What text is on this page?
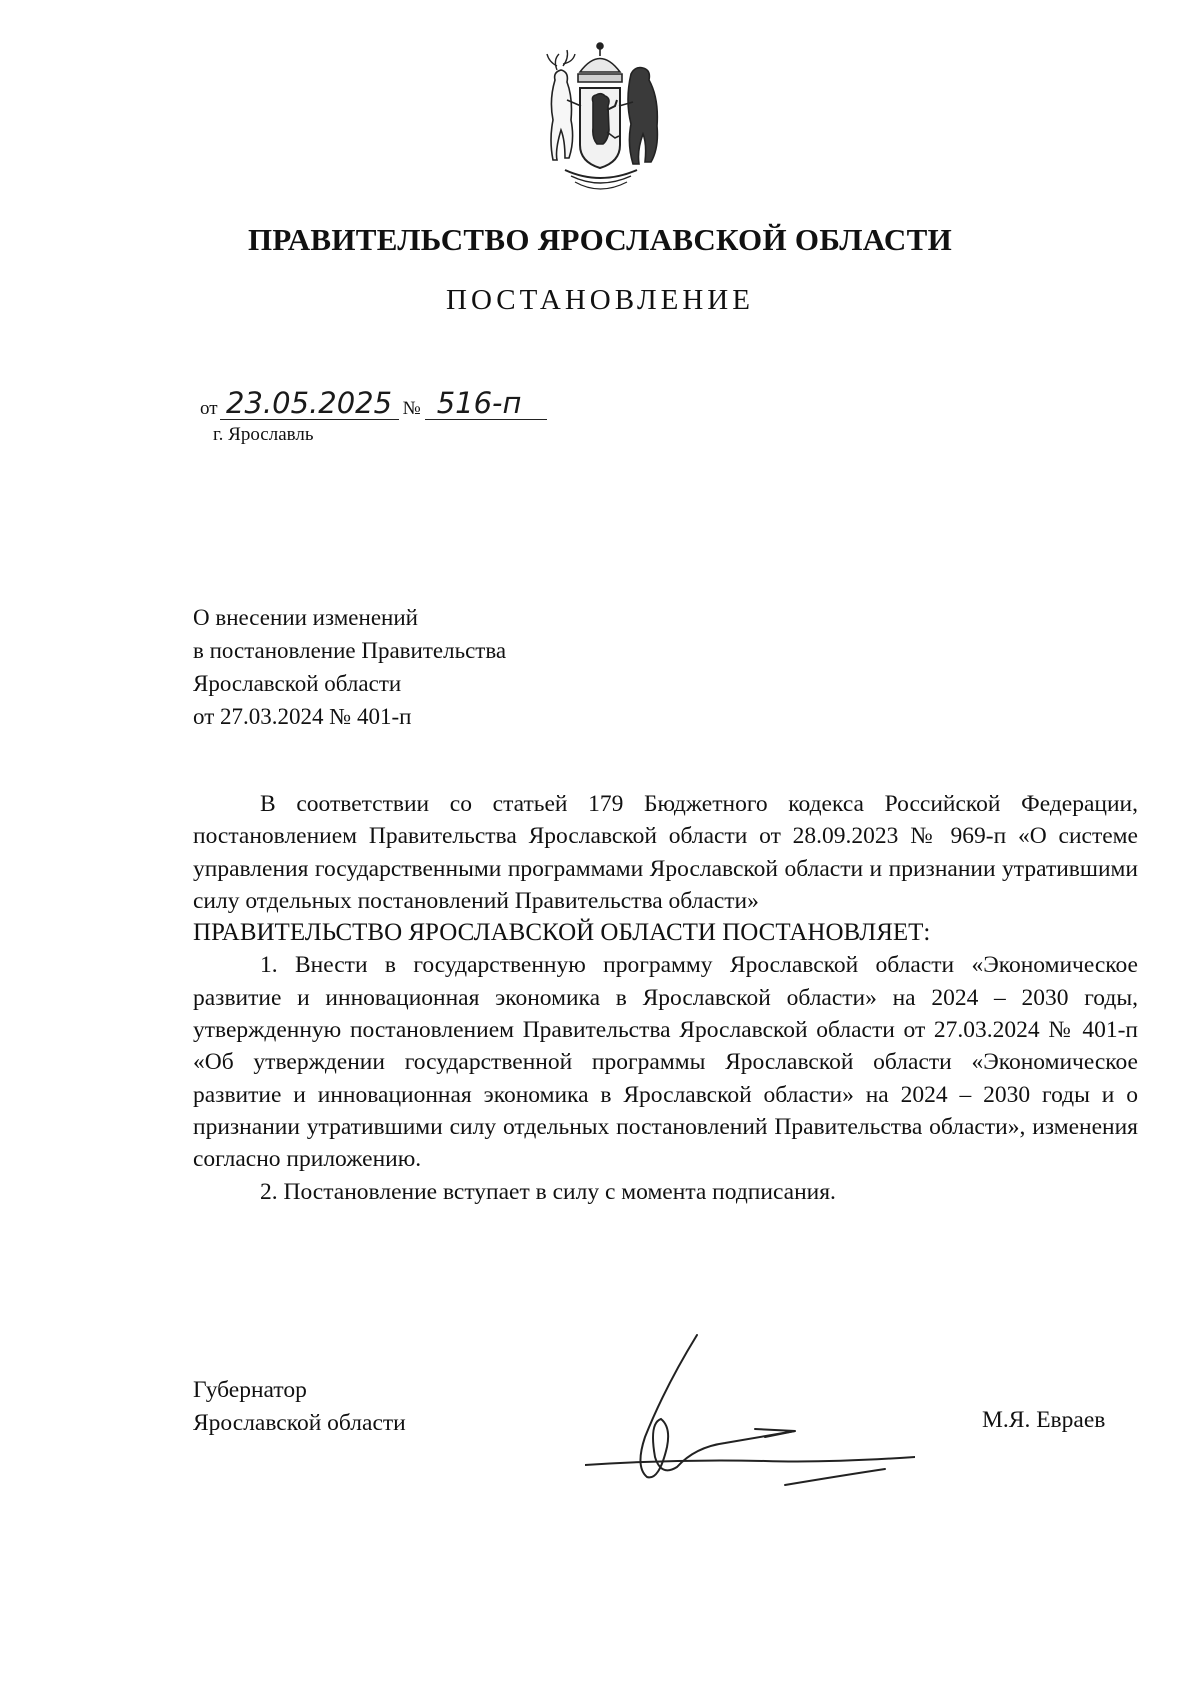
ПРАВИТЕЛЬСТВО ЯРОСЛАВСКОЙ ОБЛАСТИ
ПОСТАНОВЛЕНИЕ
от 23.05.2025 № 516-п
г. Ярославль
О внесении изменений
в постановление Правительства
Ярославской области
от 27.03.2024 № 401-п

В соответствии со статьей 179 Бюджетного кодекса Российской Федерации, постановлением Правительства Ярославской области от 28.09.2023 № 969-п «О системе управления государственными программами Ярославской области и признании утратившими силу отдельных постановлений Правительства области»

ПРАВИТЕЛЬСТВО ЯРОСЛАВСКОЙ ОБЛАСТИ ПОСТАНОВЛЯЕТ:

1. Внести в государственную программу Ярославской области «Экономическое развитие и инновационная экономика в Ярославской области» на 2024 – 2030 годы, утвержденную постановлением Правительства Ярославской области от 27.03.2024 № 401-п «Об утверждении государственной программы Ярославской области «Экономическое развитие и инновационная экономика в Ярославской области» на 2024 – 2030 годы и о признании утратившими силу отдельных постановлений Правительства области», изменения согласно приложению.

2. Постановление вступает в силу с момента подписания.

Губернатор
Ярославской области	М.Я. Евраев
